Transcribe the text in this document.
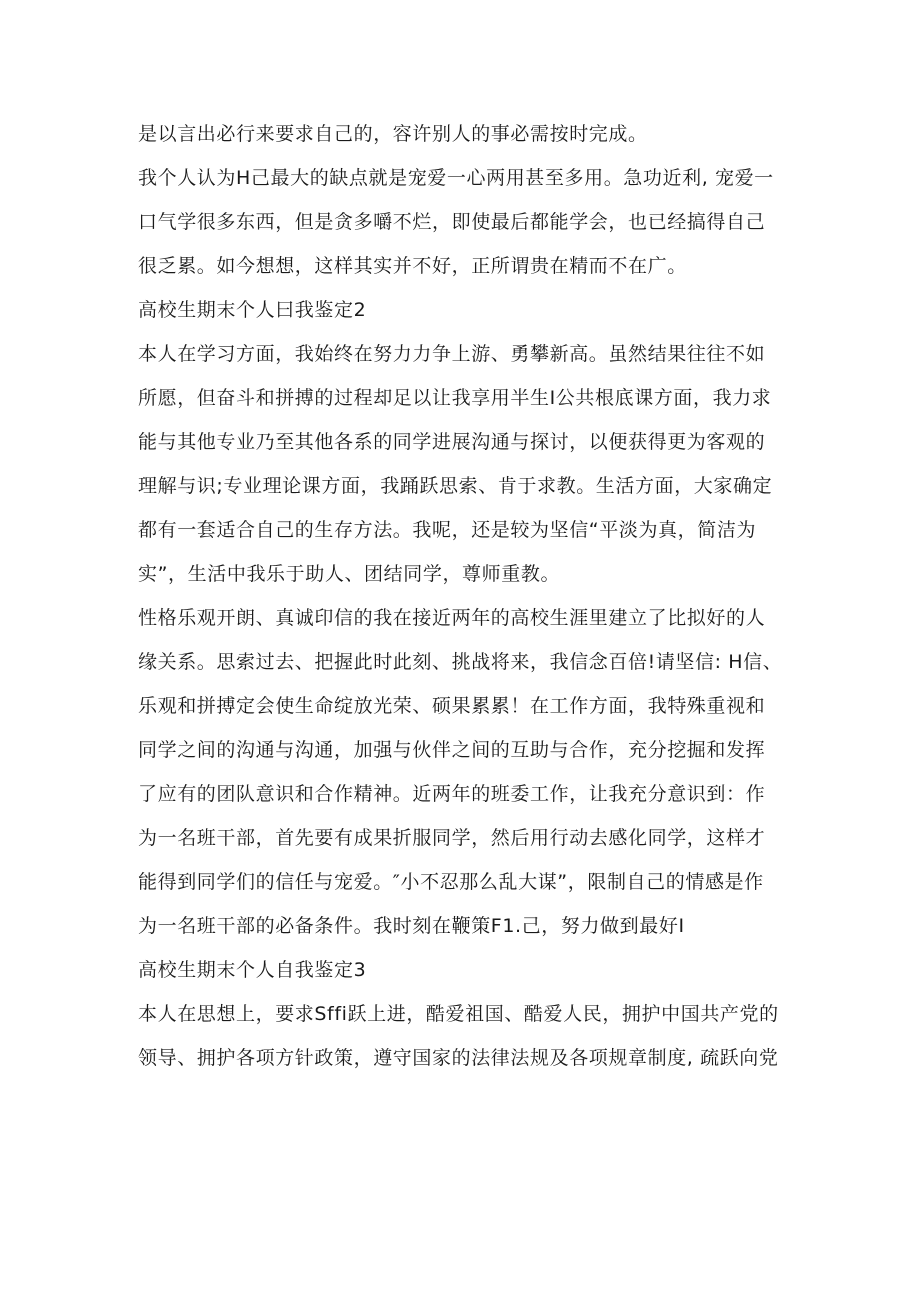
是以言出必行来要求自己的，容许别人的事必需按时完成。

我个人认为H己最大的缺点就是宠爱一心两用甚至多用。急功近利, 宠爱一

口气学很多东西，但是贪多嚼不烂，即使最后都能学会，也已经搞得自己

很乏累。如今想想，这样其实并不好，正所谓贵在精而不在广。

高校生期末个人曰我鉴定2

本人在学习方面，我始终在努力力争上游、勇攀新高。虽然结果往往不如

所愿，但奋斗和拼搏的过程却足以让我享用半生I公共根底课方面，我力求

能与其他专业乃至其他各系的同学进展沟通与探讨，以便获得更为客观的

理解与识;专业理论课方面，我踊跃思索、肯于求教。生活方面，大家确定

都有一套适合自己的生存方法。我呢，还是较为坚信“平淡为真，简洁为

实”，生活中我乐于助人、团结同学，尊师重教。

性格乐观开朗、真诚印信的我在接近两年的高校生涯里建立了比拟好的人

缘关系。思索过去、把握此时此刻、挑战将来，我信念百倍!请坚信: H信、

乐观和拼搏定会使生命绽放光荣、硕果累累！在工作方面，我特殊重视和

同学之间的沟通与沟通，加强与伙伴之间的互助与合作，充分挖掘和发挥

了应有的团队意识和合作精神。近两年的班委工作，让我充分意识到：作

为一名班干部，首先要有成果折服同学，然后用行动去感化同学，这样才

能得到同学们的信任与宠爱。″小不忍那么乱大谋”，限制自己的情感是作

为一名班干部的必备条件。我时刻在鞭策F1.己，努力做到最好I

高校生期末个人自我鉴定3

本人在思想上，要求Sffi跃上进，酷爱祖国、酷爱人民，拥护中国共产党的

领导、拥护各项方针政策，遵守国家的法律法规及各项规章制度, 疏跃向党
